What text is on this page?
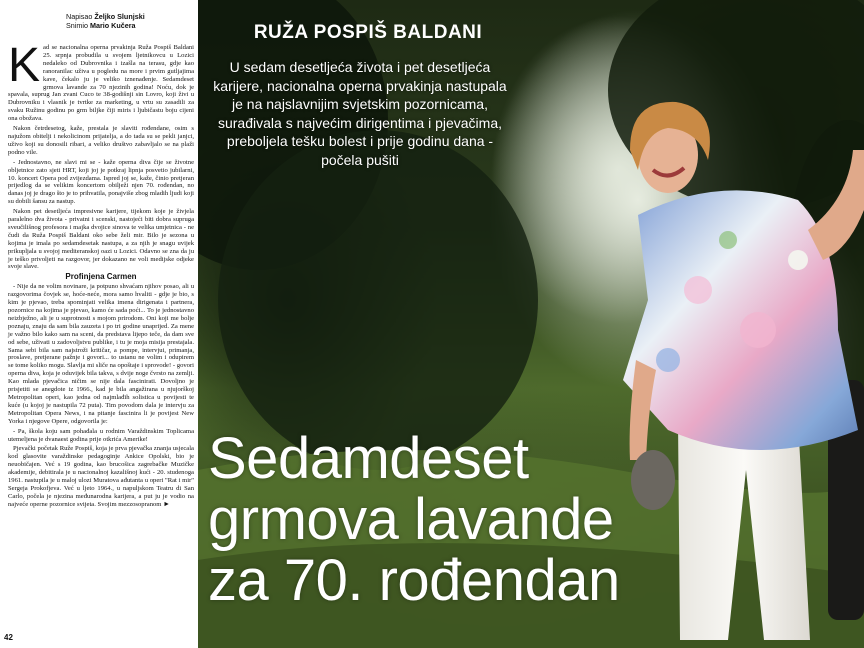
Napisao Željko Slunjski
Snimio Mario Kučera

Kad se nacionalna operna prvakinja Ruža Pospiš Baldani 25. srpnja probudila u svojem ljetnikovcu u Lozici nedaleko od Dubrovnika i izašla na terasu, gdje kao ranoranilac uživa u pogledu na more i prvim gutljajima kave, čekalo ju je veliko iznenađenje. Sedamdeset grmova lavande za 70 njezinih godina! Noću, dok je spavala, suprug Jan zvani Cuco te 38-godišnji sin Lovro, koji živi u Dubrovniku i vlasnik je tvrtke za marketing, u vrtu su zasadili za svaku Ružinu godinu po grm biljke čiji miris i ljubičastu boju cijeni ona obožava.

Nakon četrdesetog, kaže, prestala je slaviti rođendane, osim s najužom obitelji i nekolicinom prijatelja, a do tada su se pekli janjci, uživo koji su donosili ribari, a veliko društvo zabavljalo se na plaži podno vile.

- Jednostavno, ne slavi mi se - kaže operna diva čije se životne obljetnice zato sjeti HRT, koji joj je potkraj lipnja posvetio jubilarni, 10. koncert Opera pod zvijezdama. Ispred joj se, kaže, činio pretjeran prijedlog da se velikim koncertom obilježi njen 70. rođendan, no danas joj je drago što je to prihvatila, ponajviše zbog mladih ljudi koji su dobili šansu za nastup.

Nakon pet desetljeća impresivne karijere, tijekom koje je živjela paralelno dva života - privatni i scenski, nastojeći biti dobra supruga sveučilišnog profesora i majka dvojice sinova te velika umjetnica - ne čudi da Ruža Pospiš Baldani oko sebe želi mir. Bilo je sezona u kojima je imala po sedamdesetak nastupa, a za njih je snagu uvijek prikupljala u svojoj mediteranskoj oazi u Lozici. Odavno se zna da ju je teško privoljeti na razgovor, jer dokazano ne voli medijske odjeke svoje slave.

Profinjena Carmen

- Nije da ne volim novinare, ja potpuno shvaćam njihov posao, ali u razgovorima čovjek se, hoće-neće, mora samo hvaliti - gdje je bio, s kim je pjevao, treba spominjati velika imena dirigenata i partnera, pozornice na kojima je pjevao, kamo će sada poći... To je jednostavno neizbježno, ali je u suprotnosti s mojom prirodom. Oni koji me bolje poznaju, znaju da sam bila zauzeta i po tri godine unaprijed. Za mene je važno bilo kako sam na sceni, da predstava lijepo teče, da dam sve od sebe, uživati u zadovoljstvu publike, i tu je moja misija prestajala. Sama sebi bila sam najstroži kritičar, a pompe, intervjui, primanja, proslave, pretjerane pažnje i govori... to ustanu ne volim i odupirem se tome koliko mogu. Slavlja mi sliče na opoštaje i sprovode! - govori operna diva, koja je oduvijek bila takva, s dvije noge čvrsto na zemlji. Kao mlada pjevačica ničim se nije dala fascinirati. Dovoljno je prisjetiti se anegdote iz 1966., kad je bila angažirana u njujorškoj Metropolitan operi, kao jedna od najmlađih solistica u povijesti te kuće (u kojoj je nastupila 72 puta). Tim povodom dala je intervju za Metropolitan Opera News, i na pitanje fascinira li je povijest New Yorka i njegove Opere, odgovorila je:

- Pa, škola koju sam pohađala u rodnim Varaždinskim Toplicama utemeljena je dvanaest godina prije otkrića Amerike!

Pjevački početak Ruže Pospiš, koja je prva pjevačka znanja usjecala kod glasovite varaždinske pedagoginje Ankice Opolski, bio je neuobičajen. Već s 19 godina, kao brucošica zagrebačke Muzičke akademije, debitirala je u nacionalnoj kazališnoj kući - 20. studenoga 1961. nastupila je u maloj ulozi Muratova ađutanta u operi "Rat i mir" Sergeja Prokofjeva. Već u ljeto 1964., u napuljskom Teatru di San Carlo, počela je njezina međunarodna karijera, a put ju je vodio na najveće operne pozornice svijeta. Svojim mezzosopranom ►

42
RUŽA POSPIŠ BALDANI
U sedam desetljeća života i pet desetljeća karijere, nacionalna operna prvakinja nastupala je na najslavnijim svjetskim pozornicama, surađivala s najvećim dirigentima i pjevačima, preboljela tešku bolest i prije godinu dana - počela pušiti
Sedamdeset
grmova lavande
za 70. rođendan
